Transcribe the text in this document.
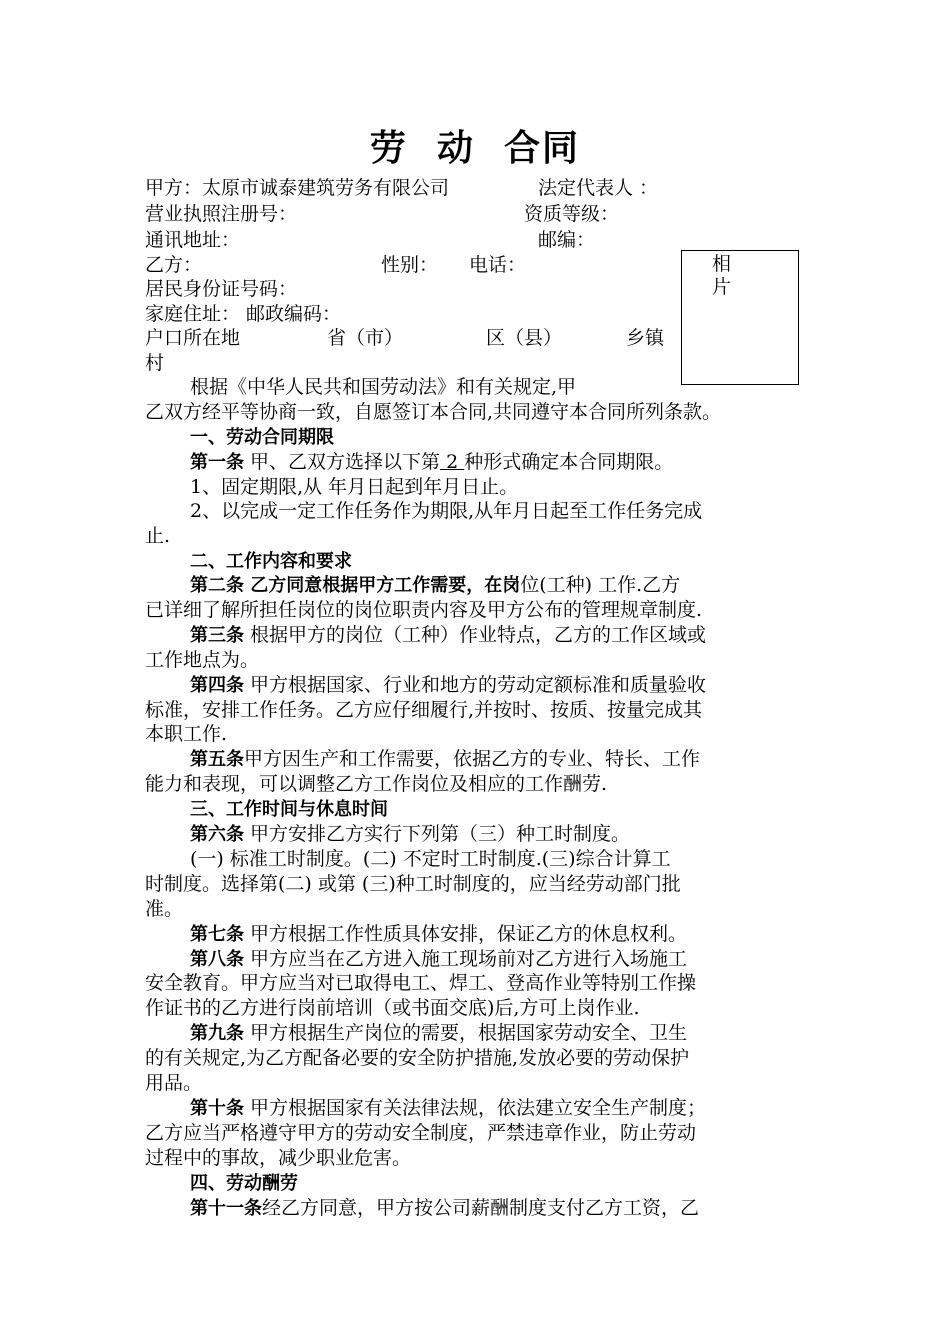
劳  动  合同
甲方：太原市诚泰建筑劳务有限公司	法定代表人 ：
营业执照注册号：	资质等级：
通讯地址：	邮编：
乙方：	性别： 电话：
居民身份证号码：
家庭住址： 邮政编码：
户口所在地	省（市）	区（县）	乡镇
村
相片
根据《中华人民共和国劳动法》和有关规定,甲
乙双方经平等协商一致，自愿签订本合同,共同遵守本合同所列条款。
一、劳动合同期限
第一条 甲、乙双方选择以下第 2 种形式确定本合同期限。
1、固定期限,从 年月日起到年月日止。
2、以完成一定工作任务作为期限,从年月日起至工作任务完成
止.
二、工作内容和要求
第二条 乙方同意根据甲方工作需要，在岗位(工种) 工作.乙方
已详细了解所担任岗位的岗位职责内容及甲方公布的管理规章制度.
第三条 根据甲方的岗位（工种）作业特点，乙方的工作区域或
工作地点为。
第四条 甲方根据国家、行业和地方的劳动定额标准和质量验收
标准，安排工作任务。乙方应仔细履行,并按时、按质、按量完成其
本职工作.
第五条甲方因生产和工作需要，依据乙方的专业、特长、工作
能力和表现，可以调整乙方工作岗位及相应的工作酬劳.
三、工作时间与休息时间
第六条 甲方安排乙方实行下列第（三）种工时制度。
(一) 标准工时制度。(二) 不定时工时制度.(三)综合计算工
时制度。选择第(二) 或第 (三)种工时制度的，应当经劳动部门批
准。
第七条 甲方根据工作性质具体安排，保证乙方的休息权利。
第八条 甲方应当在乙方进入施工现场前对乙方进行入场施工
安全教育。甲方应当对已取得电工、焊工、登高作业等特别工作操
作证书的乙方进行岗前培训（或书面交底)后,方可上岗作业.
第九条 甲方根据生产岗位的需要，根据国家劳动安全、卫生
的有关规定,为乙方配备必要的安全防护措施,发放必要的劳动保护
用品。
第十条 甲方根据国家有关法律法规，依法建立安全生产制度；
乙方应当严格遵守甲方的劳动安全制度，严禁违章作业，防止劳动
过程中的事故，减少职业危害。
四、劳动酬劳
第十一条经乙方同意，甲方按公司薪酬制度支付乙方工资，乙
